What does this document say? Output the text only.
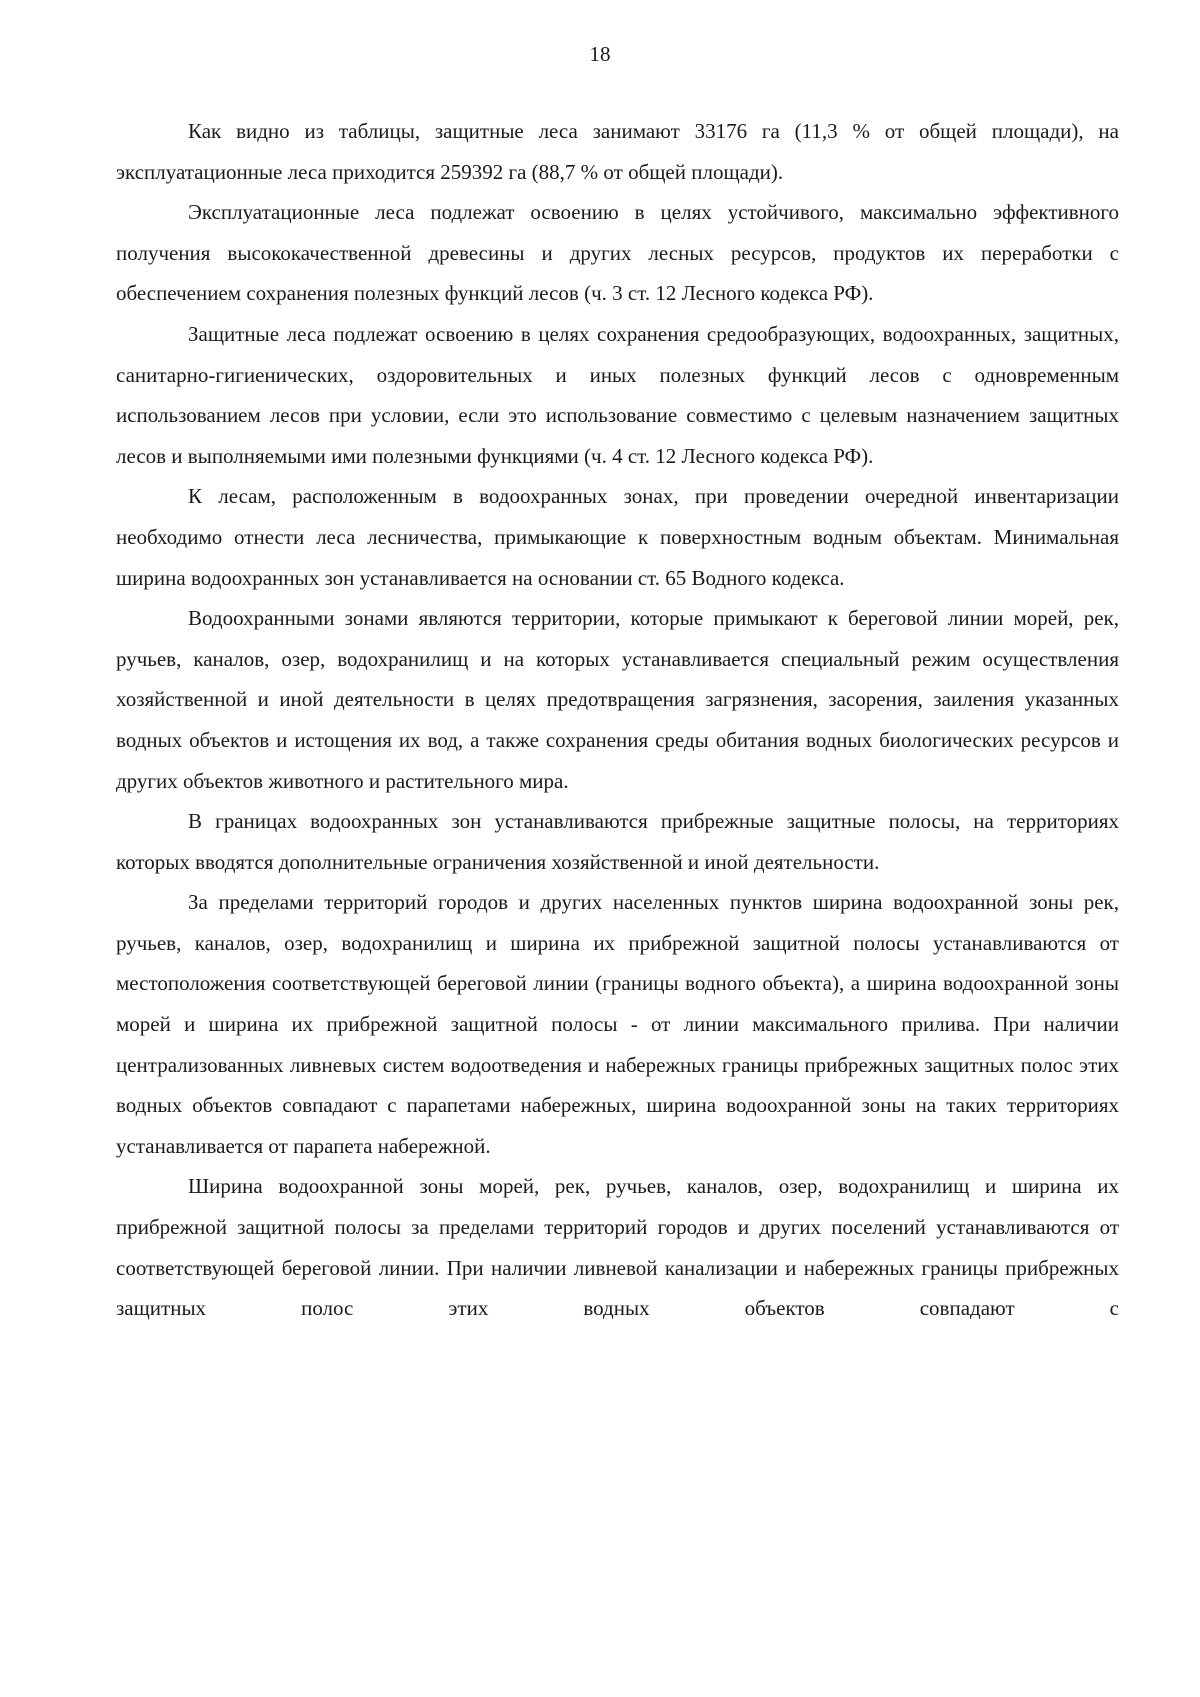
18

Как видно из таблицы, защитные леса занимают 33176 га (11,3 % от общей площади), на эксплуатационные леса приходится 259392 га (88,7 % от общей площади).

Эксплуатационные леса подлежат освоению в целях устойчивого, максимально эффективного получения высококачественной древесины и других лесных ресурсов, продуктов их переработки с обеспечением сохранения полезных функций лесов (ч. 3 ст. 12 Лесного кодекса РФ).

Защитные леса подлежат освоению в целях сохранения средообразующих, водоохранных, защитных, санитарно-гигиенических, оздоровительных и иных полезных функций лесов с одновременным использованием лесов при условии, если это использование совместимо с целевым назначением защитных лесов и выполняемыми ими полезными функциями (ч. 4 ст. 12 Лесного кодекса РФ).

К лесам, расположенным в водоохранных зонах, при проведении очередной инвентаризации необходимо отнести леса лесничества, примыкающие к поверхностным водным объектам. Минимальная ширина водоохранных зон устанавливается на основании ст. 65 Водного кодекса.

Водоохранными зонами являются территории, которые примыкают к береговой линии морей, рек, ручьев, каналов, озер, водохранилищ и на которых устанавливается специальный режим осуществления хозяйственной и иной деятельности в целях предотвращения загрязнения, засорения, заиления указанных водных объектов и истощения их вод, а также сохранения среды обитания водных биологических ресурсов и других объектов животного и растительного мира.

В границах водоохранных зон устанавливаются прибрежные защитные полосы, на территориях которых вводятся дополнительные ограничения хозяйственной и иной деятельности.

За пределами территорий городов и других населенных пунктов ширина водоохранной зоны рек, ручьев, каналов, озер, водохранилищ и ширина их прибрежной защитной полосы устанавливаются от местоположения соответствующей береговой линии (границы водного объекта), а ширина водоохранной зоны морей и ширина их прибрежной защитной полосы - от линии максимального прилива. При наличии централизованных ливневых систем водоотведения и набережных границы прибрежных защитных полос этих водных объектов совпадают с парапетами набережных, ширина водоохранной зоны на таких территориях устанавливается от парапета набережной.

Ширина водоохранной зоны морей, рек, ручьев, каналов, озер, водохранилищ и ширина их прибрежной защитной полосы за пределами территорий городов и других поселений устанавливаются от соответствующей береговой линии. При наличии ливневой канализации и набережных границы прибрежных защитных полос этих водных объектов совпадают с
